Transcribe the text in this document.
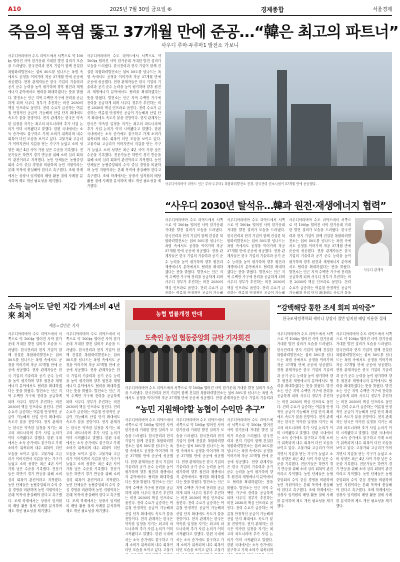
A10	2025년 7월 30일 금요일 ⑥	경제종합	서울경제
죽음의 폭염 뚫고 37개월 만에 준공…“韓은 최고의 파트너”
사우디 루마·두루마1 발전소 가보니
사우디아라비아 수도 리야드에서 서쪽으로 약 100㎞ 떨어진 사막 한가운데 거대한 발전 설비가 모습을 드러냈다. 한국전력과 현지 기업이 함께 건설한 복합화력발전소는 섭씨 50도를 넘나드는 폭염 속에서도 공정을 이어가며 착공 37개월 만에 준공에 성공했다. 현장 관계자들은 한국 기업의 기술력과 공기 준수 능력을 높이 평가하며 향후 원전과 재생에너지 분야에서도 협력을 확대하겠다는 뜻을 밝혔다. 발전소는 인근 지역 수백만 가구에 전력을 공급하게 되며 사우디 정부가 추진하는 비전 2030의 핵심 인프라로 꼽힌다. 전력 수요가 급증하는 여름철 안정적인 공급이 가능해져 산업 단지 확대에도 속도가 붙을 전망이다. 현지 관계자는 한국은 약속한 일정을 지키는 최고의 파트너라며 추가 사업 논의가 이미 시작됐다고 말했다. 한편 국내에서는 소득 증가에도 불구하고 가계 소비가 위축되며 내수 회복이 더딘 모습을 보이고 있다. 고물가와 고금리가 이어지면서 지갑을 닫는 가구가 늘었고 소비 성향은 최근 4년 사이 가장 낮은 수준을 기록했다. 전문가들은 하반기 경기 반등을 위해 소비 심리 회복이 관건이라고 지적했다. 농민 단체들은 농협중앙회의 수익 중심 경영을 비판하며 농민 지원이라는 본래 목적에 충실해야 한다고 촉구했다. 조세 학계에서는 상장사 임직원의 배당 활용 절세 사례를 분석하며 제도 개선 필요성을 제기했다.
사우디아라비아 수도 리야드에서 서쪽으로 약 100㎞ 떨어진 사막 한가운데 거대한 발전 설비가 모습을 드러냈다. 한국전력과 현지 기업이 함께 건설한 복합화력발전소는 섭씨 50도를 넘나드는 폭염 속에서도 공정을 이어가며 착공 37개월 만에 준공에 성공했다. 현장 관계자들은 한국 기업의 기술력과 공기 준수 능력을 높이 평가하며 향후 원전과 재생에너지 분야에서도 협력을 확대하겠다는 뜻을 밝혔다. 발전소는 인근 지역 수백만 가구에 전력을 공급하게 되며 사우디 정부가 추진하는 비전 2030의 핵심 인프라로 꼽힌다. 전력 수요가 급증하는 여름철 안정적인 공급이 가능해져 산업 단지 확대에도 속도가 붙을 전망이다. 현지 관계자는 한국은 약속한 일정을 지키는 최고의 파트너라며 추가 사업 논의가 이미 시작됐다고 말했다. 한편 국내에서는 소득 증가에도 불구하고 가계 소비가 위축되며 내수 회복이 더딘 모습을 보이고 있다. 고물가와 고금리가 이어지면서 지갑을 닫는 가구가 늘었고 소비 성향은 최근 4년 사이 가장 낮은 수준을 기록했다. 전문가들은 하반기 경기 반등을 위해 소비 심리 회복이 관건이라고 지적했다. 농민 단체들은 농협중앙회의 수익 중심 경영을 비판하며 농민 지원이라는 본래 목적에 충실해야 한다고 촉구했다. 조세 학계에서는 상장사 임직원의 배당 활용 절세 사례를 분석하며 제도 개선 필요성을 제기했다.
사우디아라비아 리야드 인근 루마·두루마1 복합화력발전소 전경. 한국전력 컨소시엄이 37개월 만에 준공했다.
“사우디 2030년 탈석유…韓과 원전·재생에너지 협력”
사우디아라비아 수도 리야드에서 서쪽으로 약 100㎞ 떨어진 사막 한가운데 거대한 발전 설비가 모습을 드러냈다. 한국전력과 현지 기업이 함께 건설한 복합화력발전소는 섭씨 50도를 넘나드는 폭염 속에서도 공정을 이어가며 착공 37개월 만에 준공에 성공했다. 현장 관계자들은 한국 기업의 기술력과 공기 준수 능력을 높이 평가하며 향후 원전과 재생에너지 분야에서도 협력을 확대하겠다는 뜻을 밝혔다. 발전소는 인근 지역 수백만 가구에 전력을 공급하게 되며 사우디 정부가 추진하는 비전 2030의 핵심 인프라로 꼽힌다. 전력 수요가 급증하는 여름철 안정적인 공급이 가능해
사우디아라비아 수도 리야드에서 서쪽으로 약 100㎞ 떨어진 사막 한가운데 거대한 발전 설비가 모습을 드러냈다. 한국전력과 현지 기업이 함께 건설한 복합화력발전소는 섭씨 50도를 넘나드는 폭염 속에서도 공정을 이어가며 착공 37개월 만에 준공에 성공했다. 현장 관계자들은 한국 기업의 기술력과 공기 준수 능력을 높이 평가하며 향후 원전과 재생에너지 분야에서도 협력을 확대하겠다는 뜻을 밝혔다. 발전소는 인근 지역 수백만 가구에 전력을 공급하게 되며 사우디 정부가 추진하는 비전 2030의 핵심 인프라로 꼽힌다. 전력 수요가 급증하는 여름철 안정적인 공급이 가능해
사우디아라비아 수도 리야드에서 서쪽으로 약 100㎞ 떨어진 사막 한가운데 거대한 발전 설비가 모습을 드러냈다. 한국전력과 현지 기업이 함께 건설한 복합화력발전소는 섭씨 50도를 넘나드는 폭염 속에서도 공정을 이어가며 착공 37개월 만에 준공에 성공했다. 현장 관계자들은 한국 기업의 기술력과 공기 준수 능력을 높이 평가하며 향후 원전과 재생에너지 분야에서도 협력을 확대하겠다는 뜻을 밝혔다. 발전소는 인근 지역 수백만 가구에 전력을 공급하게 되며 사우디 정부가 추진하는 비전 2030의 핵심 인프라로 꼽힌다. 전력 수요가 급증하는 여름철 안정적인 공급이 가능해져 산업 단지 확대에도 속도가 붙을
사우디 관계자
소득 늘어도 닫힌 지갑 가계소비 4년來 최저
세종=김민준 기자
사우디아라비아 수도 리야드에서 서쪽으로 약 100㎞ 떨어진 사막 한가운데 거대한 발전 설비가 모습을 드러냈다. 한국전력과 현지 기업이 함께 건설한 복합화력발전소는 섭씨 50도를 넘나드는 폭염 속에서도 공정을 이어가며 착공 37개월 만에 준공에 성공했다. 현장 관계자들은 한국 기업의 기술력과 공기 준수 능력을 높이 평가하며 향후 원전과 재생에너지 분야에서도 협력을 확대하겠다는 뜻을 밝혔다. 발전소는 인근 지역 수백만 가구에 전력을 공급하게 되며 사우디 정부가 추진하는 비전 2030의 핵심 인프라로 꼽힌다. 전력 수요가 급증하는 여름철 안정적인 공급이 가능해져 산업 단지 확대에도 속도가 붙을 전망이다. 현지 관계자는 한국은 약속한 일정을 지키는 최고의 파트너라며 추가 사업 논의가 이미 시작됐다고 말했다. 한편 국내에서는 소득 증가에도 불구하고 가계 소비가 위축되며 내수 회복이 더딘 모습을 보이고 있다. 고물가와 고금리가 이어지면서 지갑을 닫는 가구가 늘었고 소비 성향은 최근 4년 사이 가장 낮은 수준을 기록했다. 전문가들은 하반기 경기 반등을 위해 소비 심리 회복이 관건이라고 지적했다. 농민 단체들은 농협중앙회의 수익 중심 경영을 비판하며 농민 지원이라는 본래 목적에 충실해야 한다고 촉구했다. 조세 학계에서는 상장사 임직원의 배당 활용 절세 사례를 분석하며 제도 개선 필요성을 제기했다.
사우디아라비아 수도 리야드에서 서쪽으로 약 100㎞ 떨어진 사막 한가운데 거대한 발전 설비가 모습을 드러냈다. 한국전력과 현지 기업이 함께 건설한 복합화력발전소는 섭씨 50도를 넘나드는 폭염 속에서도 공정을 이어가며 착공 37개월 만에 준공에 성공했다. 현장 관계자들은 한국 기업의 기술력과 공기 준수 능력을 높이 평가하며 향후 원전과 재생에너지 분야에서도 협력을 확대하겠다는 뜻을 밝혔다. 발전소는 인근 지역 수백만 가구에 전력을 공급하게 되며 사우디 정부가 추진하는 비전 2030의 핵심 인프라로 꼽힌다. 전력 수요가 급증하는 여름철 안정적인 공급이 가능해져 산업 단지 확대에도 속도가 붙을 전망이다. 현지 관계자는 한국은 약속한 일정을 지키는 최고의 파트너라며 추가 사업 논의가 이미 시작됐다고 말했다. 한편 국내에서는 소득 증가에도 불구하고 가계 소비가 위축되며 내수 회복이 더딘 모습을 보이고 있다. 고물가와 고금리가 이어지면서 지갑을 닫는 가구가 늘었고 소비 성향은 최근 4년 사이 가장 낮은 수준을 기록했다. 전문가들은 하반기 경기 반등을 위해 소비 심리 회복이 관건이라고 지적했다. 농민 단체들은 농협중앙회의 수익 중심 경영을 비판하며 농민 지원이라는 본래 목적에 충실해야 한다고 촉구했다. 조세 학계에서는 상장사 임직원의 배당 활용 절세 사례를 분석하며 제도 개선 필요성을 제기했다.
농협 법률개정 반대
도축인 농업 협동중앙회 규탄 기자회견
“농민 지원해야할 농협이 수익만 추구”
사우디아라비아 수도 리야드에서 서쪽으로 약 100㎞ 떨어진 사막 한가운데 거대한 발전 설비가 모습을 드러냈다. 한국전력과 현지 기업이 함께 건설한 복합화력발전소는 섭씨 50도를 넘나드는 폭염 속에서도 공정을 이어가며 착공 37개월 만에 준공에 성공했다. 현장 관계자들은 한국 기업의 기술력과 공기 준수 능력을 높이 평가하며 향후 원전과 재생에너지 분야에서도 협력을 확대하겠다는 뜻을 밝혔다. 발전소는 인근 지역 수백만 가구에 전력을 공급하게 되며 사우디 정부가 추진하는 비전 2030의 핵심 인프라로 꼽힌다. 전력 수요가 급증하는 여름철 안정적인 공급이 가능해져 산업 단지 확대에도 속도가 붙을 전망이다. 현지 관계자는 한국은 약속한 일정을 지키는 최고의 파트너라며 추가 사업 논의가 이미 시작됐다고 말했다. 한편 국내에서는 소득 증가에도 불구하고 가계 소비가 위축되며 내수 회복이 더딘 모습을 보이고 있다. 고물가
사우디아라비아 수도 리야드에서 서쪽으로 약 100㎞ 떨어진 사막 한가운데 거대한 발전 설비가 모습을 드러냈다. 한국전력과 현지 기업이 함께 건설한 복합화력발전소는 섭씨 50도를 넘나드는 폭염 속에서도 공정을 이어가며 착공 37개월 만에 준공에 성공했다. 현장 관계자들은 한국 기업의 기술력과 공기 준수 능력을 높이 평가하며 향후 원전과 재생에너지 분야에서도 협력을 확대하겠다는 뜻을 밝혔다. 발전소는 인근 지역 수백만 가구에 전력을 공급하게 되며 사우디 정부가 추진하는 비전 2030의 핵심 인프라로 꼽힌다. 전력 수요가 급증하는 여름철 안정적인 공급이 가능해져 산업 단지 확대에도 속도가 붙을 전망이다. 현지 관계자는 한국은 약속한 일정을 지키는 최고의 파트너라며 추가 사업 논의가 이미 시작됐다고 말했다. 한편 국내에서는 소득 증가에도 불구하고 가계 소비가 위축되며 내수 회복이 더딘 모습을 보이고 있다. 고물가
사우디아라비아 수도 리야드에서 서쪽으로 약 100㎞ 떨어진 사막 한가운데 거대한 발전 설비가 모습을 드러냈다. 한국전력과 현지 기업이 함께 건설한 복합화력발전소는 섭씨 50도를 넘나드는 폭염 속에서도 공정을 이어가며 착공 37개월 만에 준공에 성공했다. 현장 관계자들은 한국 기업의 기술력과 공기 준수 능력을 높이 평가하며 향후 원전과 재생에너지 분야에서도 협력을 확대하겠다는 뜻을 밝혔다. 발전소는 인근 지역 수백만 가구에 전력을 공급하게 되며 사우디 정부가 추진하는 비전 2030의 핵심 인프라로 꼽힌다. 전력 수요가 급증하는 여름철 안정적인 공급이 가능해져 산업 단지 확대에도 속도가 붙을 전망이다. 현지 관계자는 한국은 약속한 일정을 지키는 최고의 파트너라며 추가 사업 논의가 이미 시작됐다고 말했다. 한편 국내에서는 소득 증가에도 불구하고 가계 소비가 위축되며
사우디아라비아 수도 리야드에서 서쪽으로 약 100㎞ 떨어진 사막 한가운데 거대한 발전 설비가 모습을 드러냈다. 한국전력과 현지 기업이 함께 건설한 복합화력발전소는 섭씨 50도를 넘나드는 폭염 속에서도 공정을 이어가며 착공 37개월 만에 준공에 성공했다. 현장 관계자들은 한국 기업의 기술력과
“강백해당 통한 조세 회피 파악중”
한국조세정책학회 세미나 상장사 절반 임직원 배당 이용한 절세
사우디아라비아 수도 리야드에서 서쪽으로 약 100㎞ 떨어진 사막 한가운데 거대한 발전 설비가 모습을 드러냈다. 한국전력과 현지 기업이 함께 건설한 복합화력발전소는 섭씨 50도를 넘나드는 폭염 속에서도 공정을 이어가며 착공 37개월 만에 준공에 성공했다. 현장 관계자들은 한국 기업의 기술력과 공기 준수 능력을 높이 평가하며 향후 원전과 재생에너지 분야에서도 협력을 확대하겠다는 뜻을 밝혔다. 발전소는 인근 지역 수백만 가구에 전력을 공급하게 되며 사우디 정부가 추진하는 비전 2030의 핵심 인프라로 꼽힌다. 전력 수요가 급증하는 여름철 안정적인 공급이 가능해져 산업 단지 확대에도 속도가 붙을 전망이다. 현지 관계자는 한국은 약속한 일정을 지키는 최고의 파트너라며 추가 사업 논의가 이미 시작됐다고 말했다. 한편 국내에서는 소득 증가에도 불구하고 가계 소비가 위축되며 내수 회복이 더딘 모습을 보이고 있다. 고물가와 고금리가 이어지면서 지갑을 닫는 가구가 늘었고 소비 성향은 최근 4년 사이 가장 낮은 수준을 기록했다. 전문가들은 하반기 경기 반등을 위해 소비 심리 회복이 관건이라고 지적했다. 농민 단체들은 농협중앙회의 수익 중심 경영을 비판하며 농민 지원이라는 본래 목적에 충실해야 한다고 촉구했다. 조세 학계에서는 상장사 임직원의 배당 활용 절세 사례를 분석하며 제도 개선 필요성을 제기했다.
사우디아라비아 수도 리야드에서 서쪽으로 약 100㎞ 떨어진 사막 한가운데 거대한 발전 설비가 모습을 드러냈다. 한국전력과 현지 기업이 함께 건설한 복합화력발전소는 섭씨 50도를 넘나드는 폭염 속에서도 공정을 이어가며 착공 37개월 만에 준공에 성공했다. 현장 관계자들은 한국 기업의 기술력과 공기 준수 능력을 높이 평가하며 향후 원전과 재생에너지 분야에서도 협력을 확대하겠다는 뜻을 밝혔다. 발전소는 인근 지역 수백만 가구에 전력을 공급하게 되며 사우디 정부가 추진하는 비전 2030의 핵심 인프라로 꼽힌다. 전력 수요가 급증하는 여름철 안정적인 공급이 가능해져 산업 단지 확대에도 속도가 붙을 전망이다. 현지 관계자는 한국은 약속한 일정을 지키는 최고의 파트너라며 추가 사업 논의가 이미 시작됐다고 말했다. 한편 국내에서는 소득 증가에도 불구하고 가계 소비가 위축되며 내수 회복이 더딘 모습을 보이고 있다. 고물가와 고금리가 이어지면서 지갑을 닫는 가구가 늘었고 소비 성향은 최근 4년 사이 가장 낮은 수준을 기록했다. 전문가들은 하반기 경기 반등을 위해 소비 심리 회복이 관건이라고 지적했다. 농민 단체들은 농협중앙회의 수익 중심 경영을 비판하며 농민 지원이라는 본래 목적에 충실해야 한다고 촉구했다. 조세 학계에서는 상장사 임직원의 배당 활용 절세 사례를 분석하며 제도 개선 필요성을 제기했다.
